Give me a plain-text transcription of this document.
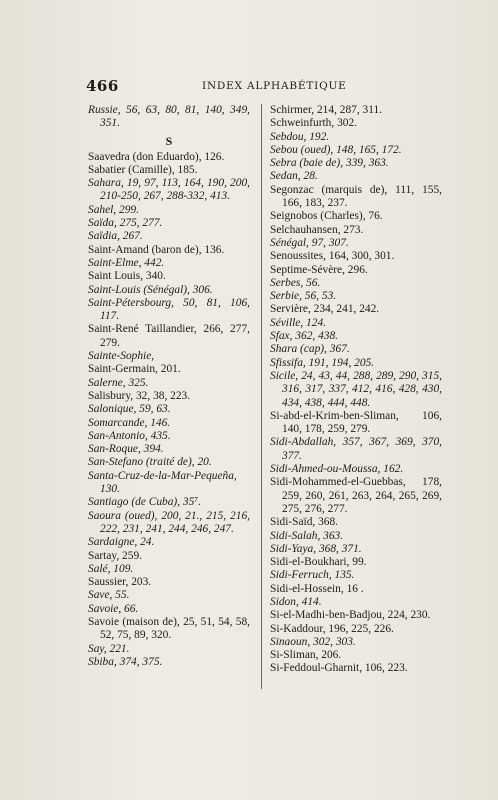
466	INDEX ALPHABÉTIQUE
Russie, 56, 63, 80, 81, 140, 349, 351.
S
Saavedra (don Eduardo), 126.
Sabatier (Camille), 185.
Sahara, 19, 97, 113, 164, 190, 200, 210-250, 267, 288-332, 413.
Sahel, 299.
Saïda, 275, 277.
Saïdia, 267.
Saint-Amand (baron de), 136.
Saint-Elme, 442.
Saint Louis, 340.
Saint-Louis (Sénégal), 306.
Saint-Pétersbourg, 50, 81, 106, 117.
Saint-René Taillandier, 266, 277, 279.
Sainte-Sophie,
Saint-Germain, 201.
Salerne, 325.
Salisbury, 32, 38, 223.
Salonique, 59, 63.
Somarcande, 146.
San-Antonio, 435.
San-Roque, 394.
San-Stefano (traité de), 20.
Santa-Cruz-de-la-Mar-Pequeña, 130.
Santiago (de Cuba), 35⁷.
Saoura (oued), 200, 21., 215, 216, 222, 231, 241, 244, 246, 247.
Sardaigne, 24.
Sartay, 259.
Salé, 109.
Saussier, 203.
Save, 55.
Savoie, 66.
Savoie (maison de), 25, 51, 54, 58, 52, 75, 89, 320.
Say, 221.
Sbiba, 374, 375.
Schirmer, 214, 287, 311.
Schweinfurth, 302.
Sebdou, 192.
Sebou (oued), 148, 165, 172.
Sebra (baie de), 339, 363.
Sedan, 28.
Segonzac (marquis de), 111, 155, 166, 183, 237.
Seignobos (Charles), 76.
Selchauhansen, 273.
Sénégal, 97, 307.
Senoussites, 164, 300, 301.
Septime-Sévère, 296.
Serbes, 56.
Serbie, 56, 53.
Servière, 234, 241, 242.
Séville, 124.
Sfax, 362, 438.
Shara (cap), 367.
Sfissifa, 191, 194, 205.
Sicile, 24, 43, 44, 288, 289, 290, 315, 316, 317, 337, 412, 416, 428, 430, 434, 438, 444, 448.
Si-abd-el-Krim-ben-Sliman, 106, 140, 178, 259, 279.
Sidi-Abdallah, 357, 367, 369, 370, 377.
Sidi-Ahmed-ou-Moussa, 162.
Sidi-Mohammed-el-Guebbas, 178, 259, 260, 261, 263, 264, 265, 269, 275, 276, 277.
Sidi-Saïd, 368.
Sidi-Salah, 363.
Sidi-Yaya, 368, 371.
Sidi-el-Boukhari, 99.
Sidi-Ferruch, 135.
Sidi-el-Hossein, 16 .
Sidon, 414.
Si-el-Madhi-ben-Badjou, 224, 230.
Si-Kaddour, 196, 225, 226.
Sinaoun, 302, 303.
Si-Sliman, 206.
Si-Feddoul-Gharnit, 106, 223.
